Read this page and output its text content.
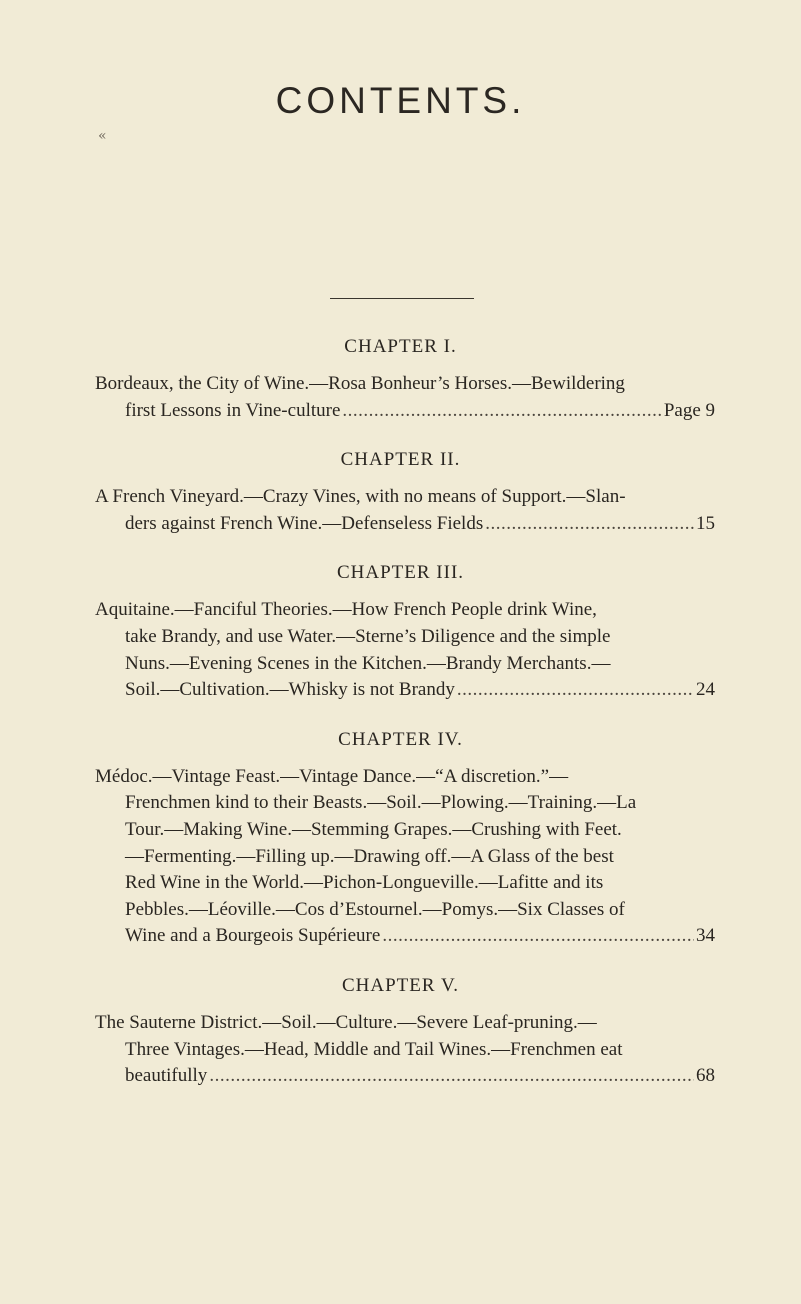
«
CONTENTS.
CHAPTER I.
Bordeaux, the City of Wine.—Rosa Bonheur’s Horses.—Bewildering
first Lessons in Vine-culture .....	Page 9
CHAPTER II.
A French Vineyard.—Crazy Vines, with no means of Support.—Slan-
ders against French Wine.—Defenseless Fields .....	15
CHAPTER III.
Aquitaine.—Fanciful Theories.—How French People drink Wine,
take Brandy, and use Water.—Sterne’s Diligence and the simple
Nuns.—Evening Scenes in the Kitchen.—Brandy Merchants.—
Soil.—Cultivation.—Whisky is not Brandy .....	24
CHAPTER IV.
Médoc.—Vintage Feast.—Vintage Dance.—“A discretion.”—
Frenchmen kind to their Beasts.—Soil.—Plowing.—Training.—La
Tour.—Making Wine.—Stemming Grapes.—Crushing with Feet.
—Fermenting.—Filling up.—Drawing off.—A Glass of the best
Red Wine in the World.—Pichon-Longueville.—Lafitte and its
Pebbles.—Léoville.—Cos d’Estournel.—Pomys.—Six Classes of
Wine and a Bourgeois Supérieure .....	34
CHAPTER V.
The Sauterne District.—Soil.—Culture.—Severe Leaf-pruning.—
Three Vintages.—Head, Middle and Tail Wines.—Frenchmen eat
beautifully .....	68
